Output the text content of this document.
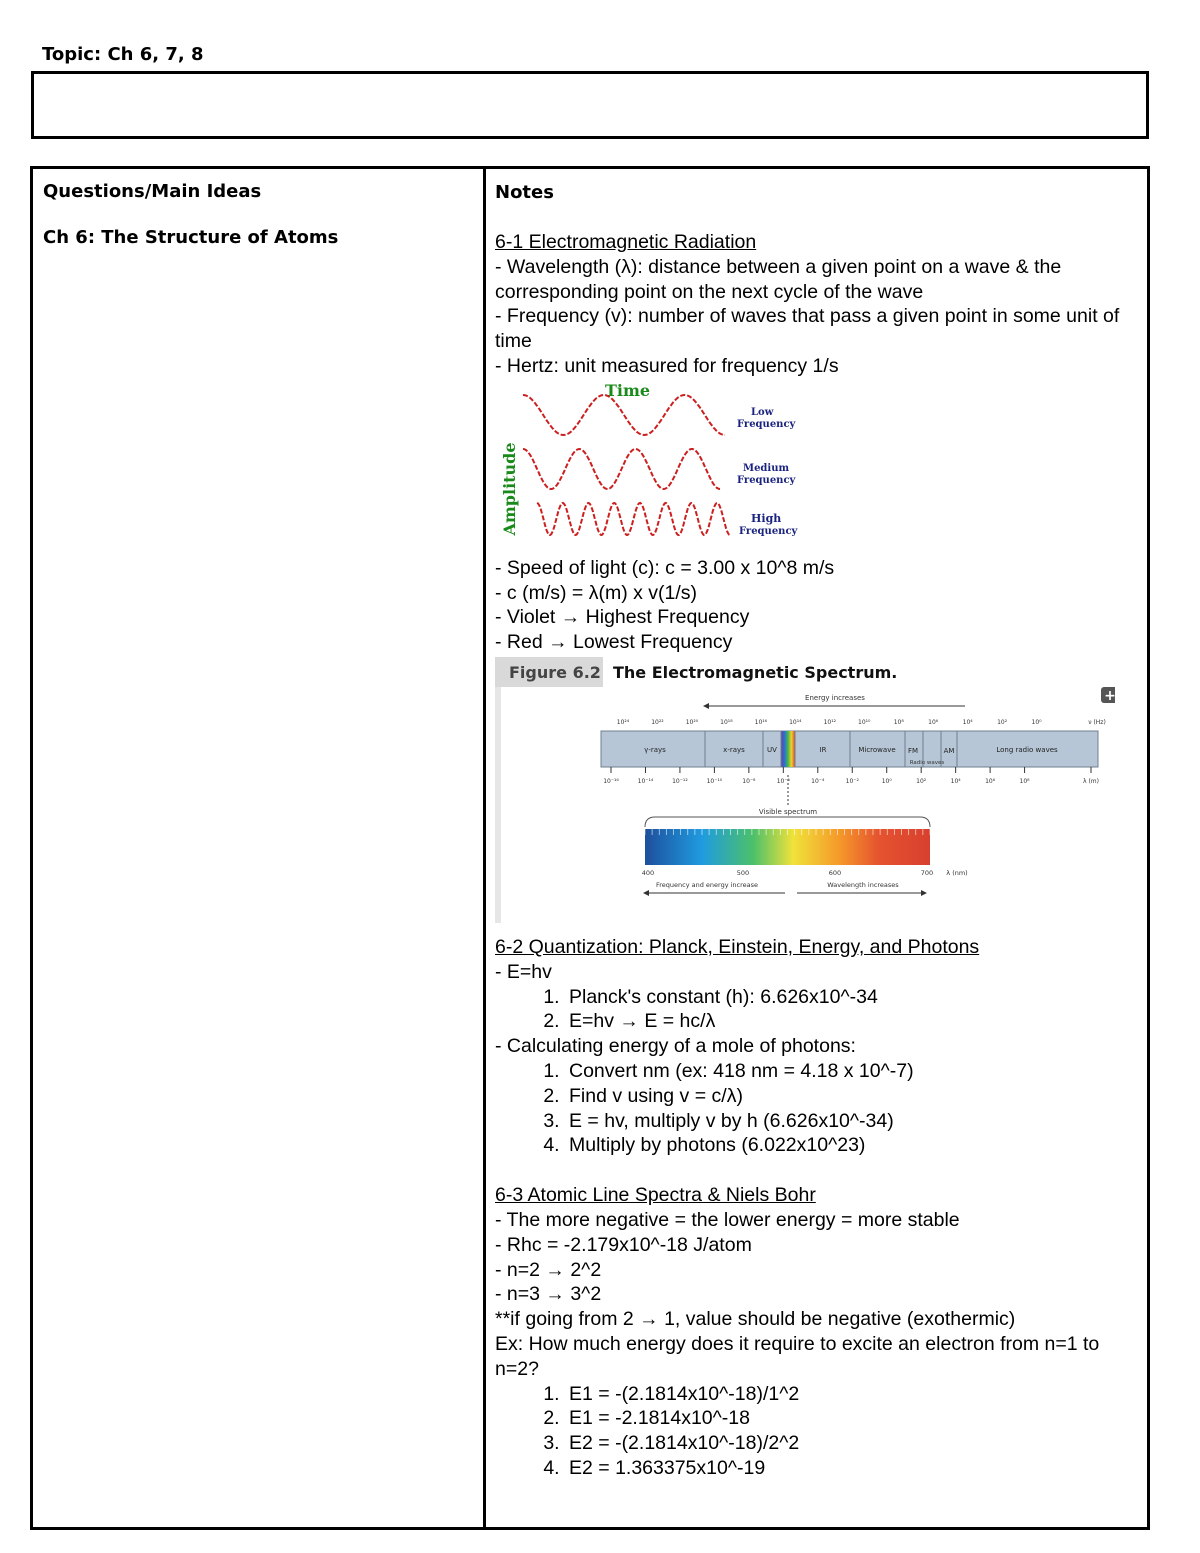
Topic: Ch 6, 7, 8
Questions/Main Ideas
Ch 6: The Structure of Atoms
Notes
6-1 Electromagnetic Radiation
- Wavelength (λ): distance between a given point on a wave & the corresponding point on the next cycle of the wave
- Frequency (v): number of waves that pass a given point in some unit of time
- Hertz: unit measured for frequency 1/s
Time
Amplitude
Low
Frequency
Medium
Frequency
High
Frequency
- Speed of light (c): c = 3.00 x 10^8 m/s
- c (m/s) = λ(m) x v(1/s)
- Violet → Highest Frequency
- Red → Lowest Frequency
Figure 6.2 The Electromagnetic Spectrum.
+
Energy increases
10²⁴	10²²	10²⁰	10¹⁸	10¹⁶	10¹⁴	10¹²	10¹⁰	10⁸	10⁶	10⁴	10²	10⁰	ν (Hz)
γ-rays	x-rays	UV	IR	Microwave FM	AM	Long radio waves
Radio waves
10⁻¹⁶	10⁻¹⁴	10⁻¹²	10⁻¹⁰	10⁻⁸	10⁻⁶	10⁻⁴	10⁻²	10⁰	10²	10⁴	10⁶	10⁸	λ (m)
Visible spectrum
400	500	600	700 λ (nm)
Frequency and energy increase	Wavelength increases
6-2 Quantization: Planck, Einstein, Energy, and Photons
- E=hv
1. Planck's constant (h): 6.626x10^-34
2. E=hv → E = hc/λ
- Calculating energy of a mole of photons:
1. Convert nm (ex: 418 nm = 4.18 x 10^-7)
2. Find v using v = c/λ)
3. E = hv, multiply v by h (6.626x10^-34)
4. Multiply by photons (6.022x10^23)
6-3 Atomic Line Spectra & Niels Bohr
- The more negative = the lower energy = more stable
- Rhc = -2.179x10^-18 J/atom
- n=2 → 2^2
- n=3 → 3^2
**if going from 2 → 1, value should be negative (exothermic)
Ex: How much energy does it require to excite an electron from n=1 to n=2?
1. E1 = -(2.1814x10^-18)/1^2
2. E1 = -2.1814x10^-18
3. E2 = -(2.1814x10^-18)/2^2
4. E2 = 1.363375x10^-19
